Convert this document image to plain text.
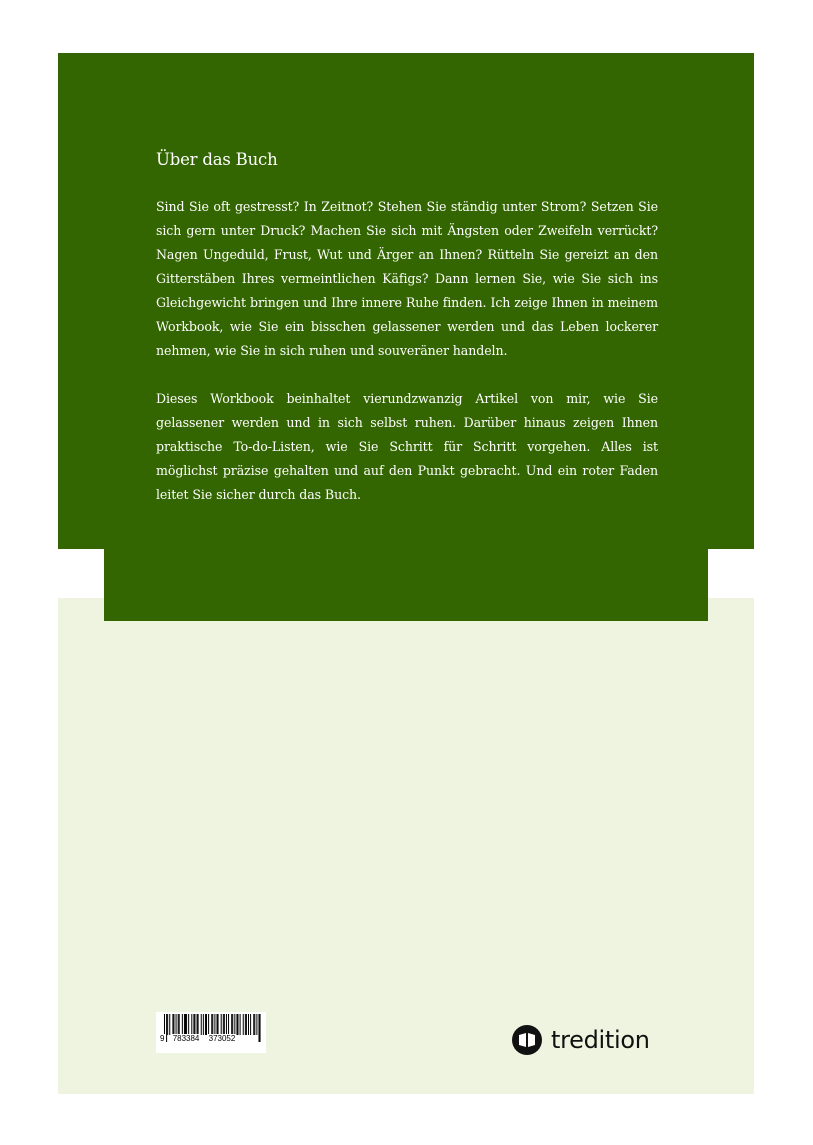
Über das Buch

Sind Sie oft gestresst? In Zeitnot? Stehen Sie ständig unter Strom? Setzen Sie sich gern unter Druck? Machen Sie sich mit Ängsten oder Zweifeln verrückt? Nagen Ungeduld, Frust, Wut und Ärger an Ihnen? Rütteln Sie gereizt an den Gitterstäben Ihres vermeintlichen Käfigs? Dann lernen Sie, wie Sie sich ins Gleichgewicht bringen und Ihre innere Ruhe finden. Ich zeige Ihnen in meinem Workbook, wie Sie ein bisschen gelassener werden und das Leben lockerer nehmen, wie Sie in sich ruhen und souveräner handeln.

Dieses Workbook beinhaltet vierundzwanzig Artikel von mir, wie Sie gelassener werden und in sich selbst ruhen. Darüber hinaus zeigen Ihnen praktische To-do-Listen, wie Sie Schritt für Schritt vorgehen. Alles ist möglichst präzise gehalten und auf den Punkt gebracht. Und ein roter Faden leitet Sie sicher durch das Buch.

9 783384 373052	tredition
